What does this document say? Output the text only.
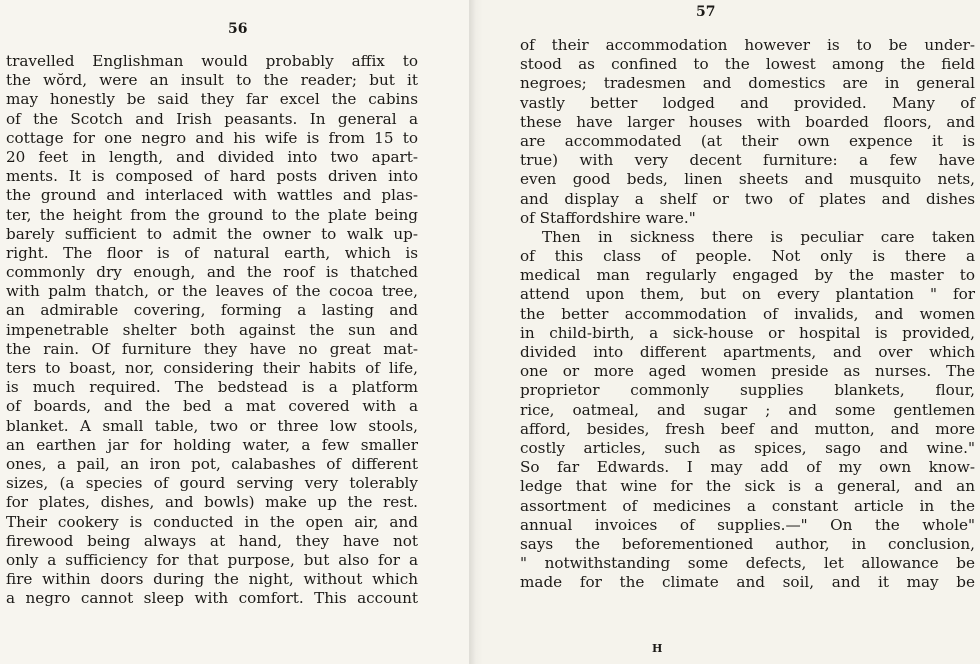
56
travelled Englishman would probably affix to
the wŏrd, were an insult to the reader; but it
may honestly be said they far excel the cabins
of the Scotch and Irish peasants. In general a
cottage for one negro and his wife is from 15 to
20 feet in length, and divided into two apart-
ments. It is composed of hard posts driven into
the ground and interlaced with wattles and plas-
ter, the height from the ground to the plate being
barely sufficient to admit the owner to walk up-
right. The floor is of natural earth, which is
commonly dry enough, and the roof is thatched
with palm thatch, or the leaves of the cocoa tree,
an admirable covering, forming a lasting and
impenetrable shelter both against the sun and
the rain. Of furniture they have no great mat-
ters to boast, nor, considering their habits of life,
is much required. The bedstead is a platform
of boards, and the bed a mat covered with a
blanket. A small table, two or three low stools,
an earthen jar for holding water, a few smaller
ones, a pail, an iron pot, calabashes of different
sizes, (a species of gourd serving very tolerably
for plates, dishes, and bowls) make up the rest.
Their cookery is conducted in the open air, and
firewood being always at hand, they have not
only a sufficiency for that purpose, but also for a
fire within doors during the night, without which
a negro cannot sleep with comfort. This account
57
of their accommodation however is to be under-
stood as confined to the lowest among the field
negroes; tradesmen and domestics are in general
vastly better lodged and provided. Many of
these have larger houses with boarded floors, and
are accommodated (at their own expence it is
true) with very decent furniture: a few have
even good beds, linen sheets and musquito nets,
and display a shelf or two of plates and dishes
of Staffordshire ware."
Then in sickness there is peculiar care taken
of this class of people. Not only is there a
medical man regularly engaged by the master to
attend upon them, but on every plantation " for
the better accommodation of invalids, and women
in child-birth, a sick-house or hospital is provided,
divided into different apartments, and over which
one or more aged women preside as nurses. The
proprietor commonly supplies blankets, flour,
rice, oatmeal, and sugar ; and some gentlemen
afford, besides, fresh beef and mutton, and more
costly articles, such as spices, sago and wine."
So far Edwards. I may add of my own know-
ledge that wine for the sick is a general, and an
assortment of medicines a constant article in the
annual invoices of supplies.—" On the whole"
says the beforementioned author, in conclusion,
" notwithstanding some defects, let allowance be
made for the climate and soil, and it may be
H
